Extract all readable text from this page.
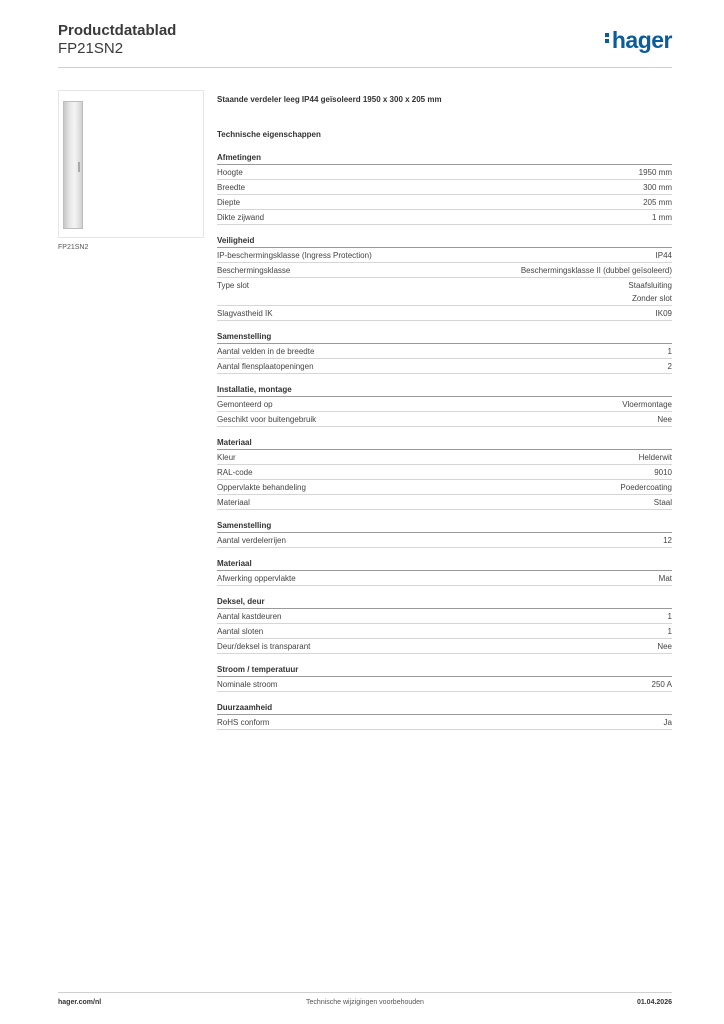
Productdatablad
FP21SN2	hager
FP21SN2
Staande verdeler leeg IP44 geïsoleerd 1950 x 300 x 205 mm
Technische eigenschappen
Afmetingen
Hoogte	1950 mm
Breedte	300 mm
Diepte	205 mm
Dikte zijwand	1 mm
Veiligheid
IP-beschermingsklasse (Ingress Protection)	IP44
Beschermingsklasse	Beschermingsklasse II (dubbel geïsoleerd)
Type slot	Staafsluiting
Zonder slot
Slagvastheid IK	IK09
Samenstelling
Aantal velden in de breedte	1
Aantal flensplaatopeningen	2
Installatie, montage
Gemonteerd op	Vloermontage
Geschikt voor buitengebruik	Nee
Materiaal
Kleur	Helderwit
RAL-code	9010
Oppervlakte behandeling	Poedercoating
Materiaal	Staal
Samenstelling
Aantal verdelerrijen	12
Materiaal
Afwerking oppervlakte	Mat
Deksel, deur
Aantal kastdeuren	1
Aantal sloten	1
Deur/deksel is transparant	Nee
Stroom / temperatuur
Nominale stroom	250 A
Duurzaamheid
RoHS conform	Ja
hager.com/nl	Technische wijzigingen voorbehouden	01.04.2026
